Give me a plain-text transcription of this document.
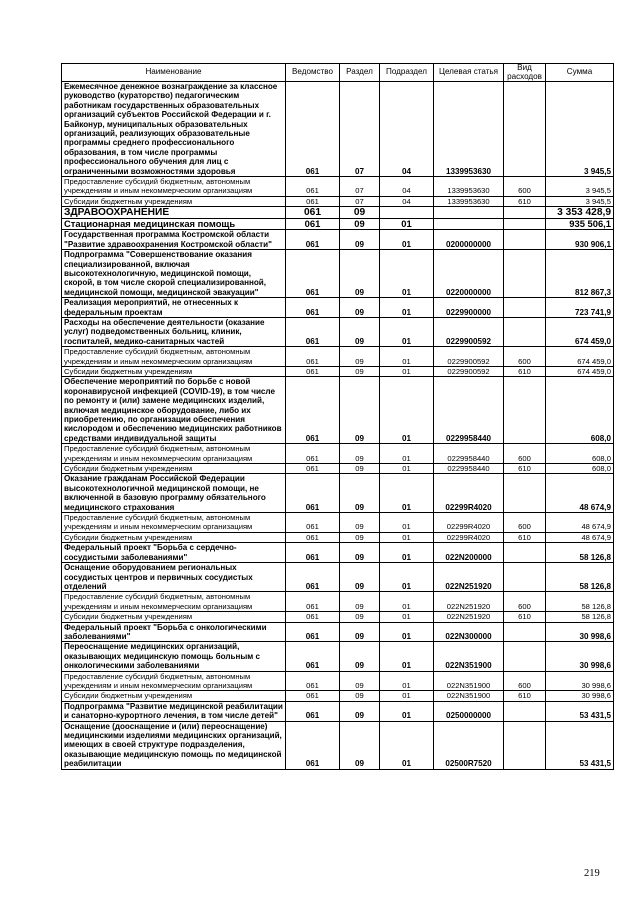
Наименование	Ведомство	Раздел	Подраздел	Целевая статья	Вид расходов	Сумма
Ежемесячное денежное вознаграждение за классное руководство (кураторство) педагогическим работникам государственных образовательных организаций субъектов Российской Федерации и г. Байконур, муниципальных образовательных организаций, реализующих образовательные программы среднего профессионального образования, в том числе программы профессионального обучения для лиц с ограниченными возможностями здоровья	061	07	04	1339953630		3 945,5
Предоставление субсидий бюджетным, автономным учреждениям и иным некоммерческим организациям	061	07	04	1339953630	600	3 945,5
Субсидии бюджетным учреждениям	061	07	04	1339953630	610	3 945,5
ЗДРАВООХРАНЕНИЕ	061	09				3 353 428,9
Стационарная медицинская помощь	061	09	01			935 506,1
Государственная программа Костромской области "Развитие здравоохранения Костромской области"	061	09	01	0200000000		930 906,1
Подпрограмма "Совершенствование оказания специализированной, включая высокотехнологичную, медицинской помощи, скорой, в том числе скорой специализированной, медицинской помощи, медицинской эвакуации"	061	09	01	0220000000		812 867,3
Реализация мероприятий, не отнесенных к федеральным проектам	061	09	01	0229900000		723 741,9
Расходы на обеспечение деятельности (оказание услуг) подведомственных больниц, клиник, госпиталей, медико-санитарных частей	061	09	01	0229900592		674 459,0
Предоставление субсидий бюджетным, автономным учреждениям и иным некоммерческим организациям	061	09	01	0229900592	600	674 459,0
Субсидии бюджетным учреждениям	061	09	01	0229900592	610	674 459,0
Обеспечение мероприятий по борьбе с новой коронавирусной инфекцией (COVID-19), в том числе по ремонту и (или) замене медицинских изделий, включая медицинское оборудование, либо их приобретению, по организации обеспечения кислородом и обеспечению медицинских работников средствами индивидуальной защиты	061	09	01	0229958440		608,0
Предоставление субсидий бюджетным, автономным учреждениям и иным некоммерческим организациям	061	09	01	0229958440	600	608,0
Субсидии бюджетным учреждениям	061	09	01	0229958440	610	608,0
Оказание гражданам Российской Федерации высокотехнологичной медицинской помощи, не включенной в базовую программу обязательного медицинского страхования	061	09	01	02299R4020		48 674,9
Предоставление субсидий бюджетным, автономным учреждениям и иным некоммерческим организациям	061	09	01	02299R4020	600	48 674,9
Субсидии бюджетным учреждениям	061	09	01	02299R4020	610	48 674,9
Федеральный проект "Борьба с сердечно-сосудистыми заболеваниями"	061	09	01	022N200000		58 126,8
Оснащение оборудованием региональных сосудистых центров и первичных сосудистых отделений	061	09	01	022N251920		58 126,8
Предоставление субсидий бюджетным, автономным учреждениям и иным некоммерческим организациям	061	09	01	022N251920	600	58 126,8
Субсидии бюджетным учреждениям	061	09	01	022N251920	610	58 126,8
Федеральный проект "Борьба с онкологическими заболеваниями"	061	09	01	022N300000		30 998,6
Переоснащение медицинских организаций, оказывающих медицинскую помощь больным с онкологическими заболеваниями	061	09	01	022N351900		30 998,6
Предоставление субсидий бюджетным, автономным учреждениям и иным некоммерческим организациям	061	09	01	022N351900	600	30 998,6
Субсидии бюджетным учреждениям	061	09	01	022N351900	610	30 998,6
Подпрограмма "Развитие медицинской реабилитации и санаторно-курортного лечения, в том числе детей"	061	09	01	0250000000		53 431,5
Оснащение (дооснащение и (или) переоснащение) медицинскими изделиями медицинских организаций, имеющих в своей структуре подразделения, оказывающие медицинскую помощь по медицинской реабилитации	061	09	01	02500R7520		53 431,5
219
